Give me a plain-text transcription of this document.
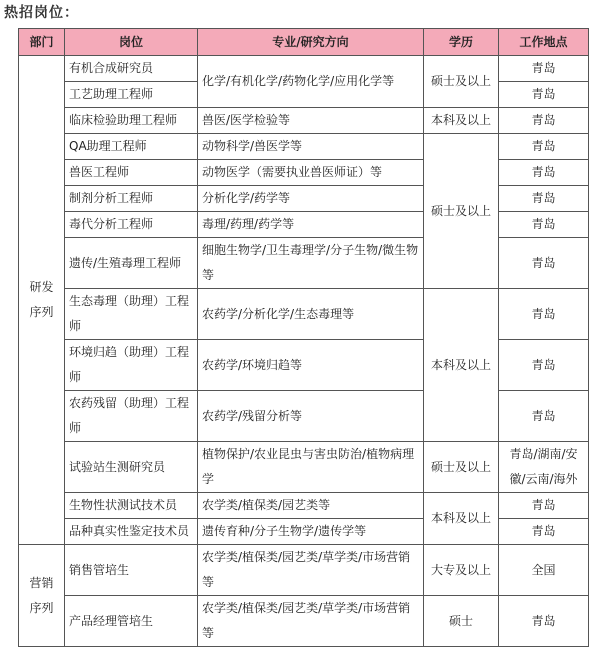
热招岗位：
部门	岗位	专业/研究方向	学历	工作地点
研发
序列	有机合成研究员	化学/有机化学/药物化学/应用化学等	硕士及以上	青岛
	工艺助理工程师			青岛
	临床检验助理工程师	兽医/医学检验等	本科及以上	青岛
	QA助理工程师	动物科学/兽医学等	硕士及以上	青岛
	兽医工程师	动物医学（需要执业兽医师证）等		青岛
	制剂分析工程师	分析化学/药学等		青岛
	毒代分析工程师	毒理/药理/药学等		青岛
	遗传/生殖毒理工程师	细胞生物学/卫生毒理学/分子生物/微生物等		青岛
	生态毒理（助理）工程师	农药学/分析化学/生态毒理等	本科及以上	青岛
	环境归趋（助理）工程师	农药学/环境归趋等		青岛
	农药残留（助理）工程师	农药学/残留分析等		青岛
	试验站生测研究员	植物保护/农业昆虫与害虫防治/植物病理学	硕士及以上	青岛/湖南/安徽/云南/海外
	生物性状测试技术员	农学类/植保类/园艺类等	本科及以上	青岛
	品种真实性鉴定技术员	遗传育种/分子生物学/遗传学等		青岛
营销
序列	销售管培生	农学类/植保类/园艺类/草学类/市场营销等	大专及以上	全国
	产品经理管培生	农学类/植保类/园艺类/草学类/市场营销等	硕士	青岛
